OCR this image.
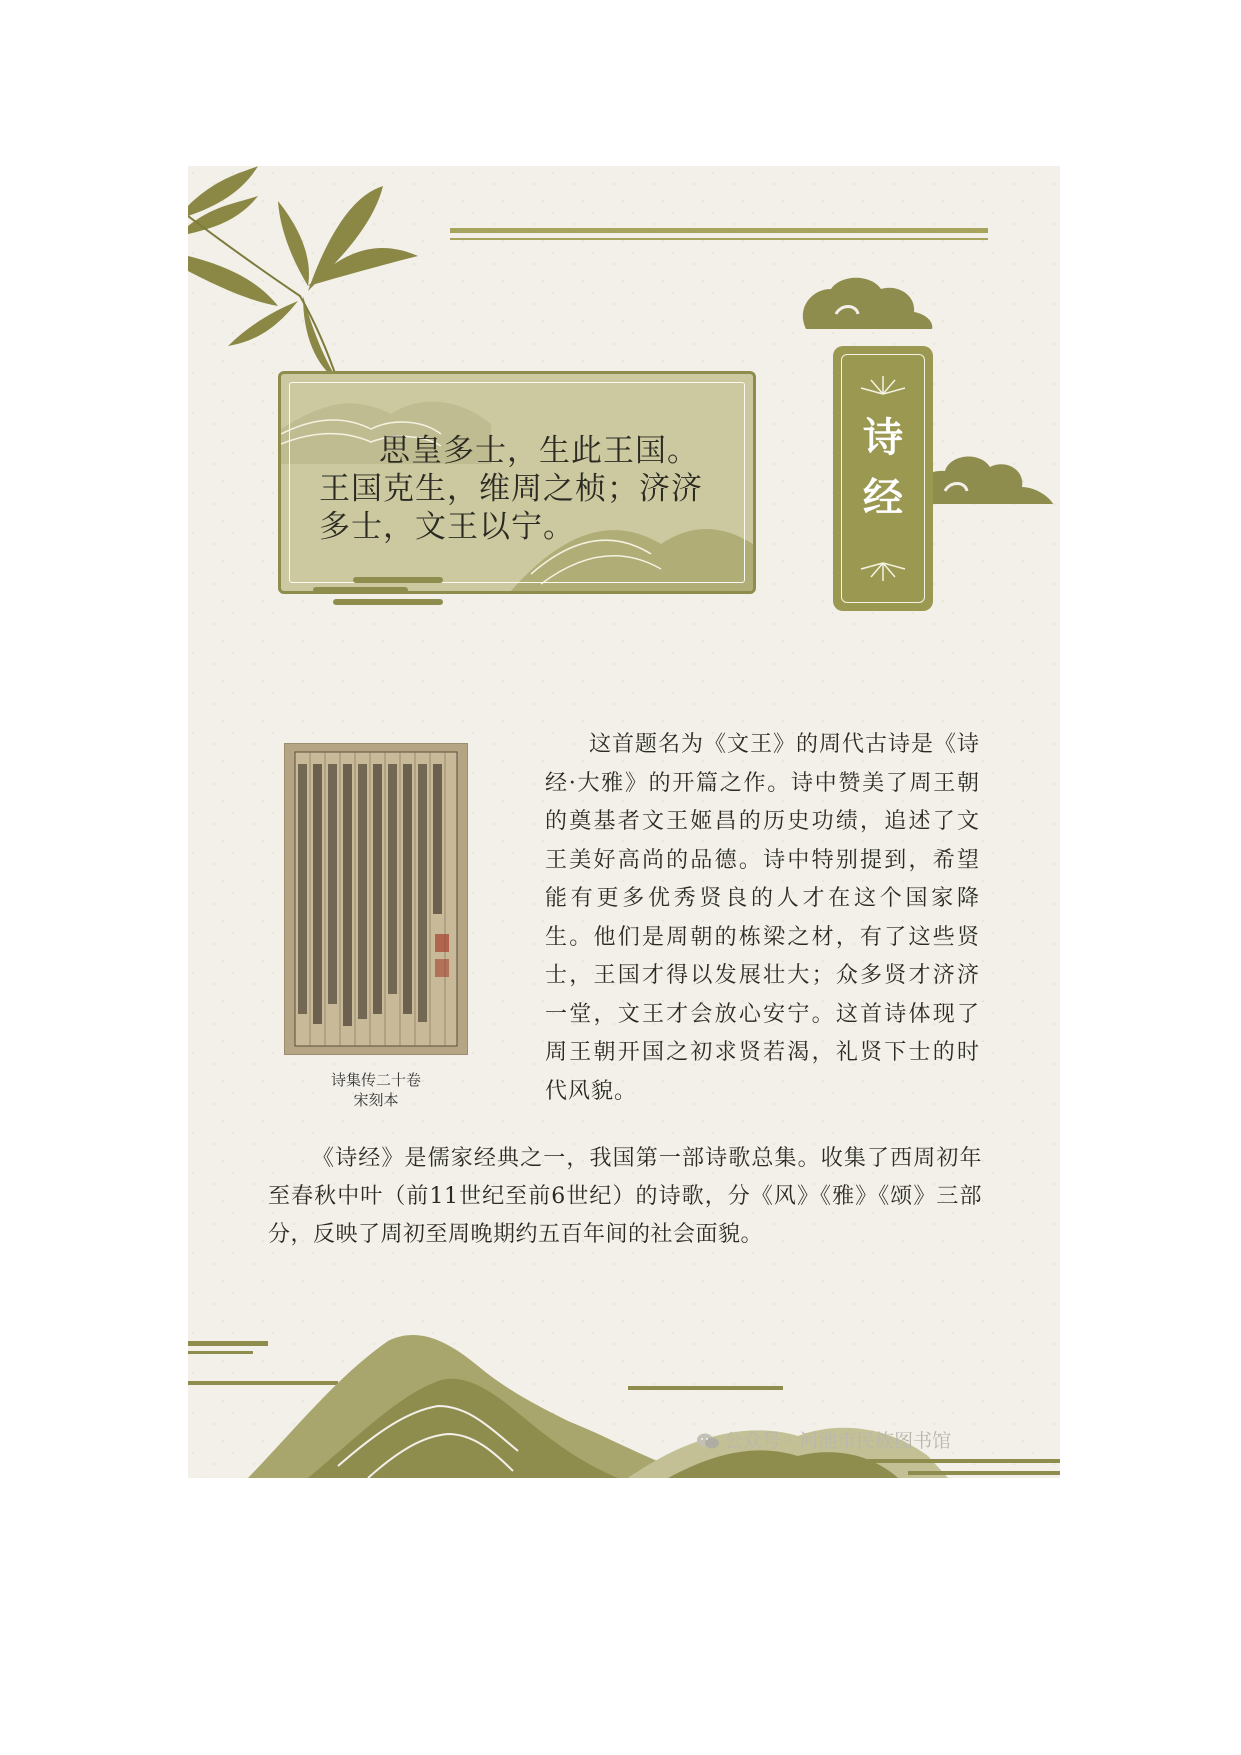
思皇多士，生此王国。
王国克生，维周之桢；济济
多士，文王以宁。
诗
经
诗集传二十卷
宋刻本

这首题名为《文王》的周代古诗是《诗经·大雅》的开篇之作。诗中赞美了周王朝的奠基者文王姬昌的历史功绩，追述了文王美好高尚的品德。诗中特别提到，希望能有更多优秀贤良的人才在这个国家降生。他们是周朝的栋梁之材，有了这些贤士，王国才得以发展壮大；众多贤才济济一堂，文王才会放心安宁。这首诗体现了周王朝开国之初求贤若渴，礼贤下士的时代风貌。

《诗经》是儒家经典之一，我国第一部诗歌总集。收集了西周初年至春秋中叶（前11世纪至前6世纪）的诗歌，分《风》《雅》《颂》三部分，反映了周初至周晚期约五百年间的社会面貌。

公众号 · 河池市民族图书馆
